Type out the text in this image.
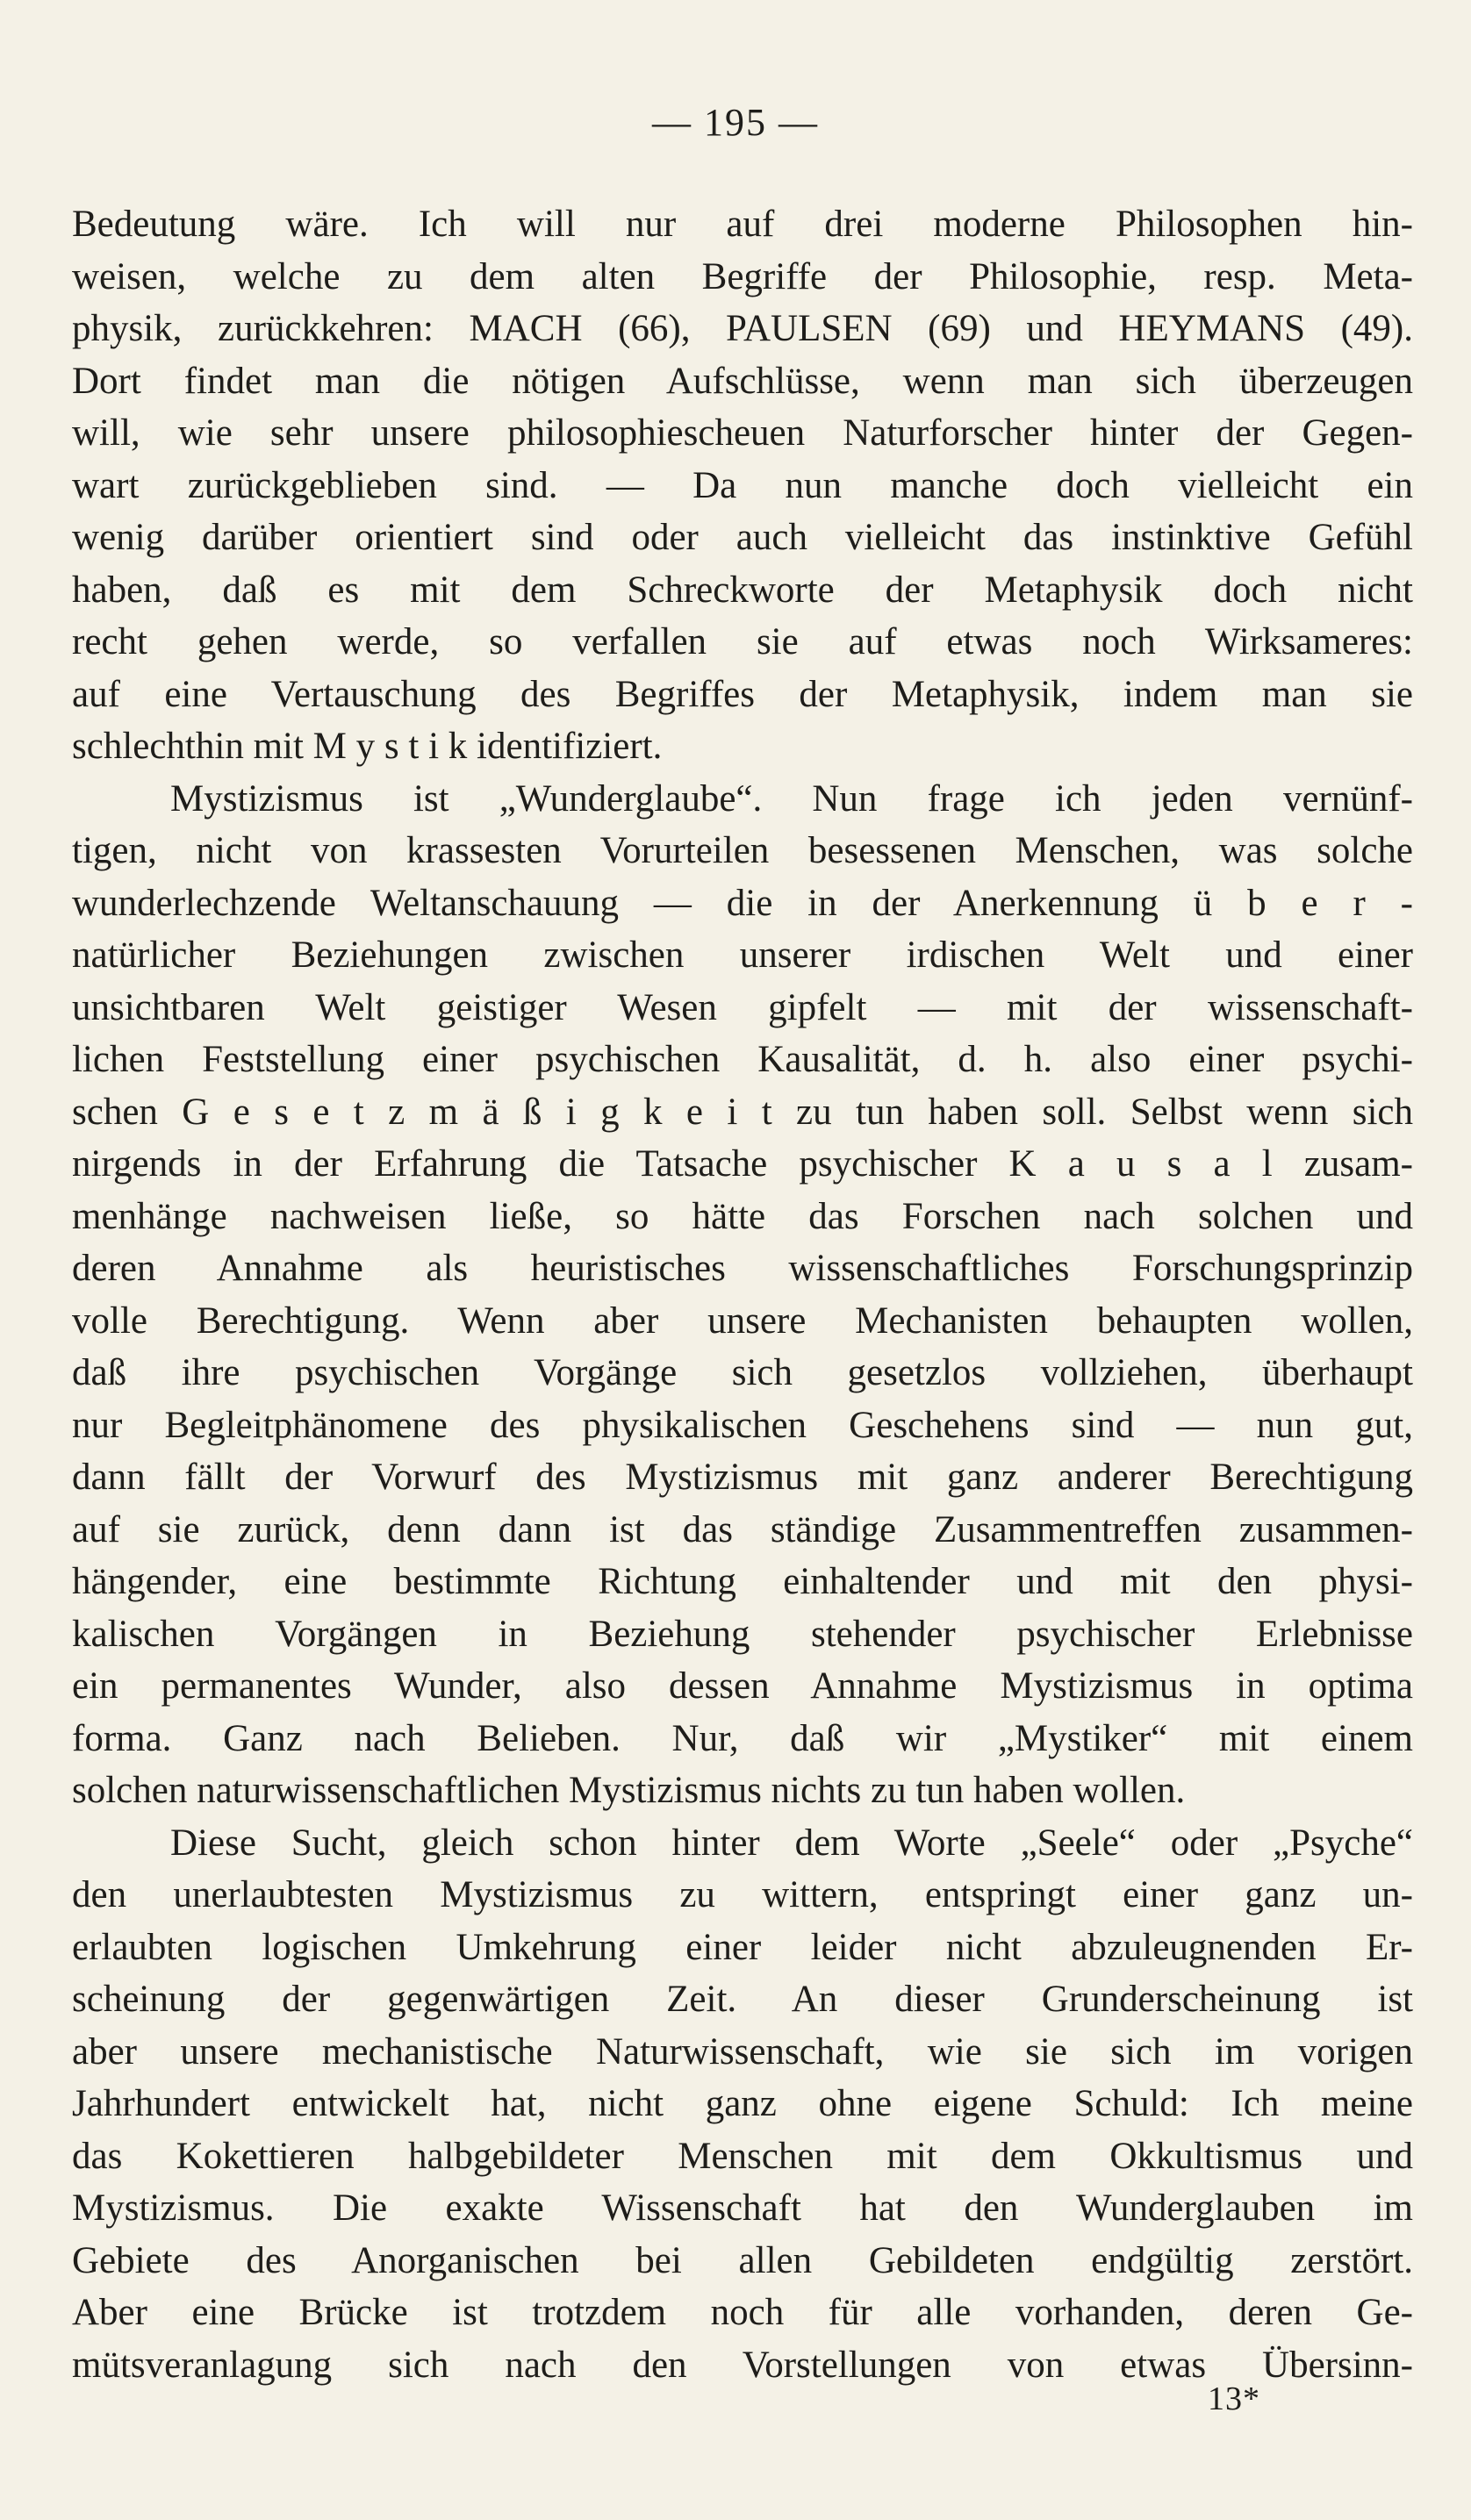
— 195 —
Bedeutung wäre. Ich will nur auf drei moderne Philosophen hin-
weisen, welche zu dem alten Begriffe der Philosophie, resp. Meta-
physik, zurückkehren: MACH (66), PAULSEN (69) und HEYMANS (49).
Dort findet man die nötigen Aufschlüsse, wenn man sich überzeugen
will, wie sehr unsere philosophiescheuen Naturforscher hinter der Gegen-
wart zurückgeblieben sind. — Da nun manche doch vielleicht ein
wenig darüber orientiert sind oder auch vielleicht das instinktive Gefühl
haben, daß es mit dem Schreckworte der Metaphysik doch nicht
recht gehen werde, so verfallen sie auf etwas noch Wirksameres:
auf eine Vertauschung des Begriffes der Metaphysik, indem man sie
schlechthin mit M y s t i k identifiziert.
Mystizismus ist „Wunderglaube“. Nun frage ich jeden vernünf-
tigen, nicht von krassesten Vorurteilen besessenen Menschen, was solche
wunderlechzende Weltanschauung — die in der Anerkennung ü b e r -
natürlicher Beziehungen zwischen unserer irdischen Welt und einer
unsichtbaren Welt geistiger Wesen gipfelt — mit der wissenschaft-
lichen Feststellung einer psychischen Kausalität, d. h. also einer psychi-
schen G e s e t z m ä ß i g k e i t zu tun haben soll. Selbst wenn sich
nirgends in der Erfahrung die Tatsache psychischer K a u s a l zusam-
menhänge nachweisen ließe, so hätte das Forschen nach solchen und
deren Annahme als heuristisches wissenschaftliches Forschungsprinzip
volle Berechtigung. Wenn aber unsere Mechanisten behaupten wollen,
daß ihre psychischen Vorgänge sich gesetzlos vollziehen, überhaupt
nur Begleitphänomene des physikalischen Geschehens sind — nun gut,
dann fällt der Vorwurf des Mystizismus mit ganz anderer Berechtigung
auf sie zurück, denn dann ist das ständige Zusammentreffen zusammen-
hängender, eine bestimmte Richtung einhaltender und mit den physi-
kalischen Vorgängen in Beziehung stehender psychischer Erlebnisse
ein permanentes Wunder, also dessen Annahme Mystizismus in optima
forma. Ganz nach Belieben. Nur, daß wir „Mystiker“ mit einem
solchen naturwissenschaftlichen Mystizismus nichts zu tun haben wollen.
Diese Sucht, gleich schon hinter dem Worte „Seele“ oder „Psyche“
den unerlaubtesten Mystizismus zu wittern, entspringt einer ganz un-
erlaubten logischen Umkehrung einer leider nicht abzuleugnenden Er-
scheinung der gegenwärtigen Zeit. An dieser Grunderscheinung ist
aber unsere mechanistische Naturwissenschaft, wie sie sich im vorigen
Jahrhundert entwickelt hat, nicht ganz ohne eigene Schuld: Ich meine
das Kokettieren halbgebildeter Menschen mit dem Okkultismus und
Mystizismus. Die exakte Wissenschaft hat den Wunderglauben im
Gebiete des Anorganischen bei allen Gebildeten endgültig zerstört.
Aber eine Brücke ist trotzdem noch für alle vorhanden, deren Ge-
mütsveranlagung sich nach den Vorstellungen von etwas Übersinn-
13*
